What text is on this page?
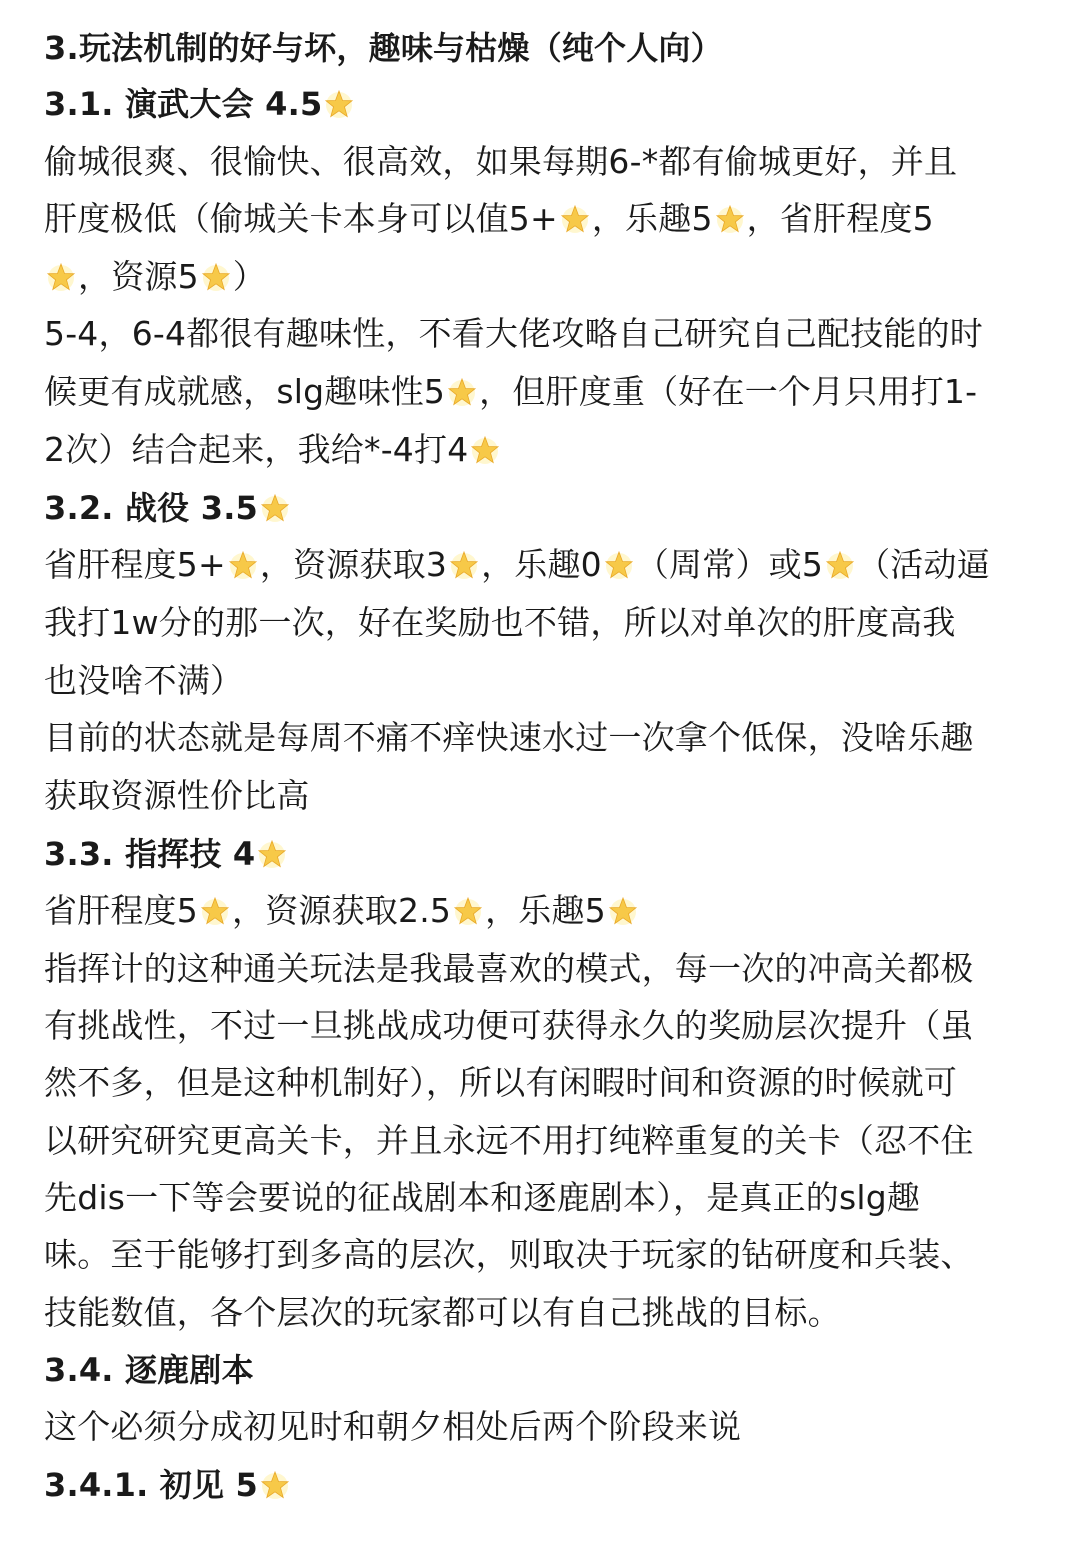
3.玩法机制的好与坏，趣味与枯燥（纯个人向）
3.1. 演武大会 4.5
偷城很爽、很愉快、很高效，如果每期6-*都有偷城更好，并且
肝度极低（偷城关卡本身可以值5+ ，乐趣5 ，省肝程度5
，资源5 ）
5-4，6-4都很有趣味性，不看大佬攻略自己研究自己配技能的时
候更有成就感，slg趣味性5 ，但肝度重（好在一个月只用打1-
2次）结合起来，我给*-4打4
3.2. 战役 3.5
省肝程度5+ ，资源获取3 ，乐趣0 （周常）或5 （活动逼
我打1w分的那一次，好在奖励也不错，所以对单次的肝度高我
也没啥不满）
目前的状态就是每周不痛不痒快速水过一次拿个低保，没啥乐趣
获取资源性价比高
3.3. 指挥技 4
省肝程度5 ，资源获取2.5 ，乐趣5
指挥计的这种通关玩法是我最喜欢的模式，每一次的冲高关都极
有挑战性，不过一旦挑战成功便可获得永久的奖励层次提升（虽
然不多，但是这种机制好），所以有闲暇时间和资源的时候就可
以研究研究更高关卡，并且永远不用打纯粹重复的关卡（忍不住
先dis一下等会要说的征战剧本和逐鹿剧本），是真正的slg趣
味。至于能够打到多高的层次，则取决于玩家的钻研度和兵装、
技能数值，各个层次的玩家都可以有自己挑战的目标。
3.4. 逐鹿剧本
这个必须分成初见时和朝夕相处后两个阶段来说
3.4.1. 初见 5
